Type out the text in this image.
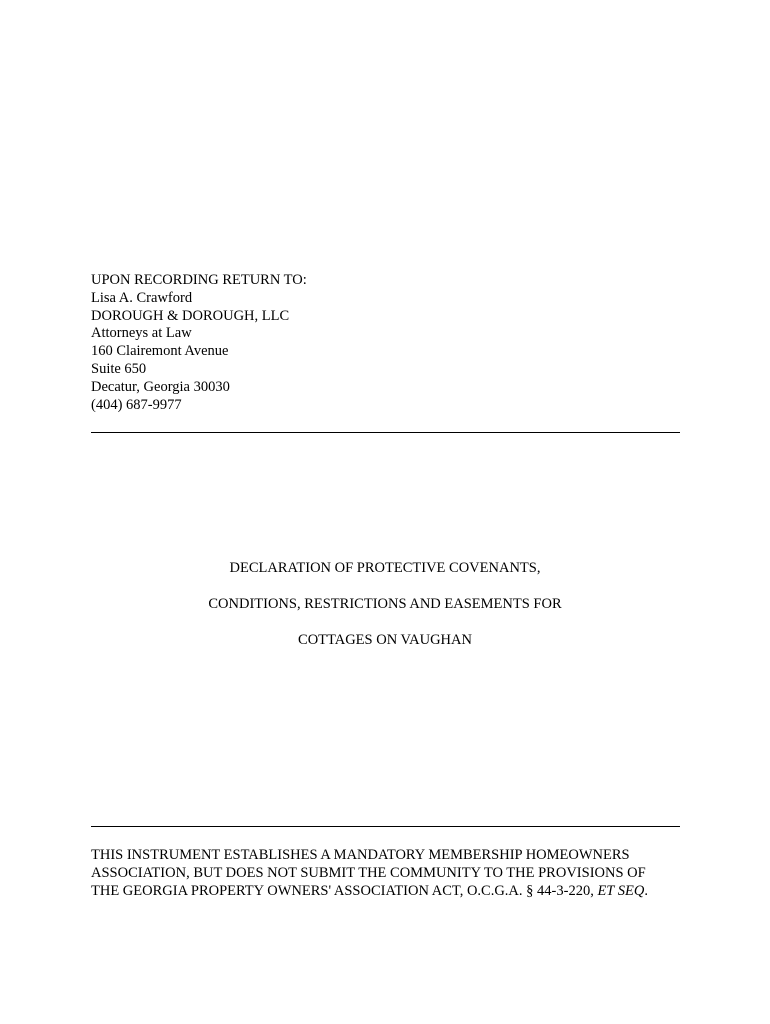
UPON RECORDING RETURN TO:
Lisa A. Crawford
DOROUGH & DOROUGH, LLC
Attorneys at Law
160 Clairemont Avenue
Suite 650
Decatur, Georgia 30030
(404) 687-9977
DECLARATION OF PROTECTIVE COVENANTS,
CONDITIONS, RESTRICTIONS AND EASEMENTS FOR
COTTAGES ON VAUGHAN
THIS INSTRUMENT ESTABLISHES A MANDATORY MEMBERSHIP HOMEOWNERS
ASSOCIATION, BUT DOES NOT SUBMIT THE COMMUNITY TO THE PROVISIONS OF
THE GEORGIA PROPERTY OWNERS' ASSOCIATION ACT, O.C.G.A. § 44-3-220, ET SEQ.
